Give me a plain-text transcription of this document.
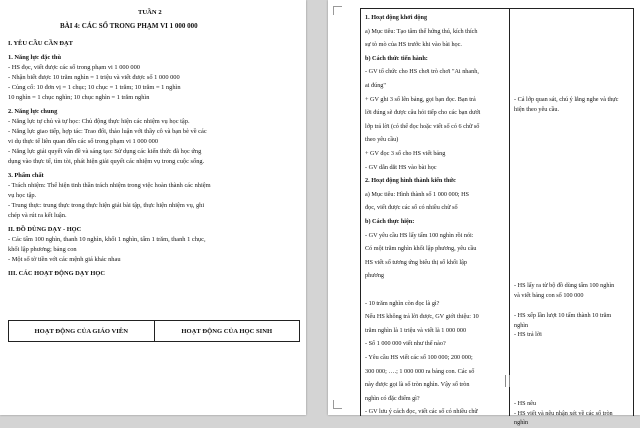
TUẦN 2
BÀI 4: CÁC SỐ TRONG PHẠM VI 1 000 000
I. YÊU CẦU CẦN ĐẠT
1. Năng lực đặc thù
- HS đọc, viết được các số trong phạm vi 1 000 000
- Nhận biết được 10 trăm nghìn = 1 triệu và viết được số 1 000 000
- Củng cố: 10 đơn vị = 1 chục; 10 chục = 1 trăm; 10 trăm = 1 nghìn
10 nghìn = 1 chục nghìn; 10 chục nghìn = 1 trăm nghìn
2. Năng lực chung
- Năng lực tự chủ và tự học: Chủ động thực hiện các nhiệm vụ học tập.
- Năng lực giao tiếp, hợp tác: Trao đổi, thảo luận với thầy cô và bạn bè về các
vi dụ thực tế liên quan đến các số trong phạm vi 1 000 000
- Năng lực giải quyết vấn đề và sáng tạo: Sử dụng các kiến thức đã học ứng
dụng vào thực tế, tìm tòi, phát hiện giải quyết các nhiệm vụ trong cuộc sống.
3. Phẩm chất
- Trách nhiệm: Thể hiện tinh thần trách nhiệm trong việc hoàn thành các nhiệm
vụ học tập.
- Trung thực: trung thực trong thực hiện giải bài tập, thực hiện nhiệm vụ, ghi
chép và rút ra kết luận.
II. ĐỒ DÙNG DẠY - HỌC
- Các tấm 100 nghìn, thanh 10 nghìn, khối 1 nghìn, tấm 1 trăm, thanh 1 chục,
khối lập phương; bảng con
- Một số tờ tiền với các mệnh giá khác nhau
III. CÁC HOẠT ĐỘNG DẠY HỌC
HOẠT ĐỘNG CỦA GIÁO VIÊN	HOẠT ĐỘNG CỦA HỌC SINH
1. Hoạt động khởi động
a) Mục tiêu: Tạo tâm thế hứng thú, kích thích
sự tò mò của HS trước khi vào bài học.
b) Cách thức tiến hành:
- GV tổ chức cho HS chơi trò chơi "Ai nhanh,
ai đúng"
+ GV ghi 3 số lên bảng, gọi bạn đọc. Bạn trả
lời đúng sẽ được câu hỏi tiếp cho các bạn dưới
lớp trả lời (có thể đọc hoặc viết số có 6 chữ số
theo yêu cầu)
+ GV đọc 3 số cho HS viết bảng
- GV dẫn dắt HS vào bài học
2. Hoạt động hình thành kiến thức
a) Mục tiêu: Hình thành số 1 000 000; HS
đọc, viết được các số có nhiều chữ số
b) Cách thực hiện:
- GV yêu cầu HS lấy tấm 100 nghìn rồi nói:
Có một trăm nghìn khối lập phương, yêu cầu
HS viết số tương ứng biểu thị số khối lập
phương
- 10 trăm nghìn còn đọc là gì?
Nếu HS không trả lời được, GV giới thiệu: 10
trăm nghìn là 1 triệu và viết là 1 000 000
- Số 1 000 000 viết như thế nào?
- Yêu cầu HS viết các số 100 000; 200 000;
300 000; ….; 1 000 000 ra bảng con. Các số
này được gọi là số tròn nghìn. Vậy số tròn
nghìn có đặc điểm gì?
- GV lưu ý cách đọc, viết các số có nhiều chữ
- Cả lớp quan sát, chú ý lắng nghe và thực
hiện theo yêu cầu.
- HS lấy ra từ bộ đồ dùng tấm 100 nghìn
và viết bảng con số 100 000
- HS xếp lần lượt 10 tấm thành 10 trăm
nghìn
- HS trả lời
- HS nêu
- HS viết và nêu nhận xét về các số tròn
nghìn
